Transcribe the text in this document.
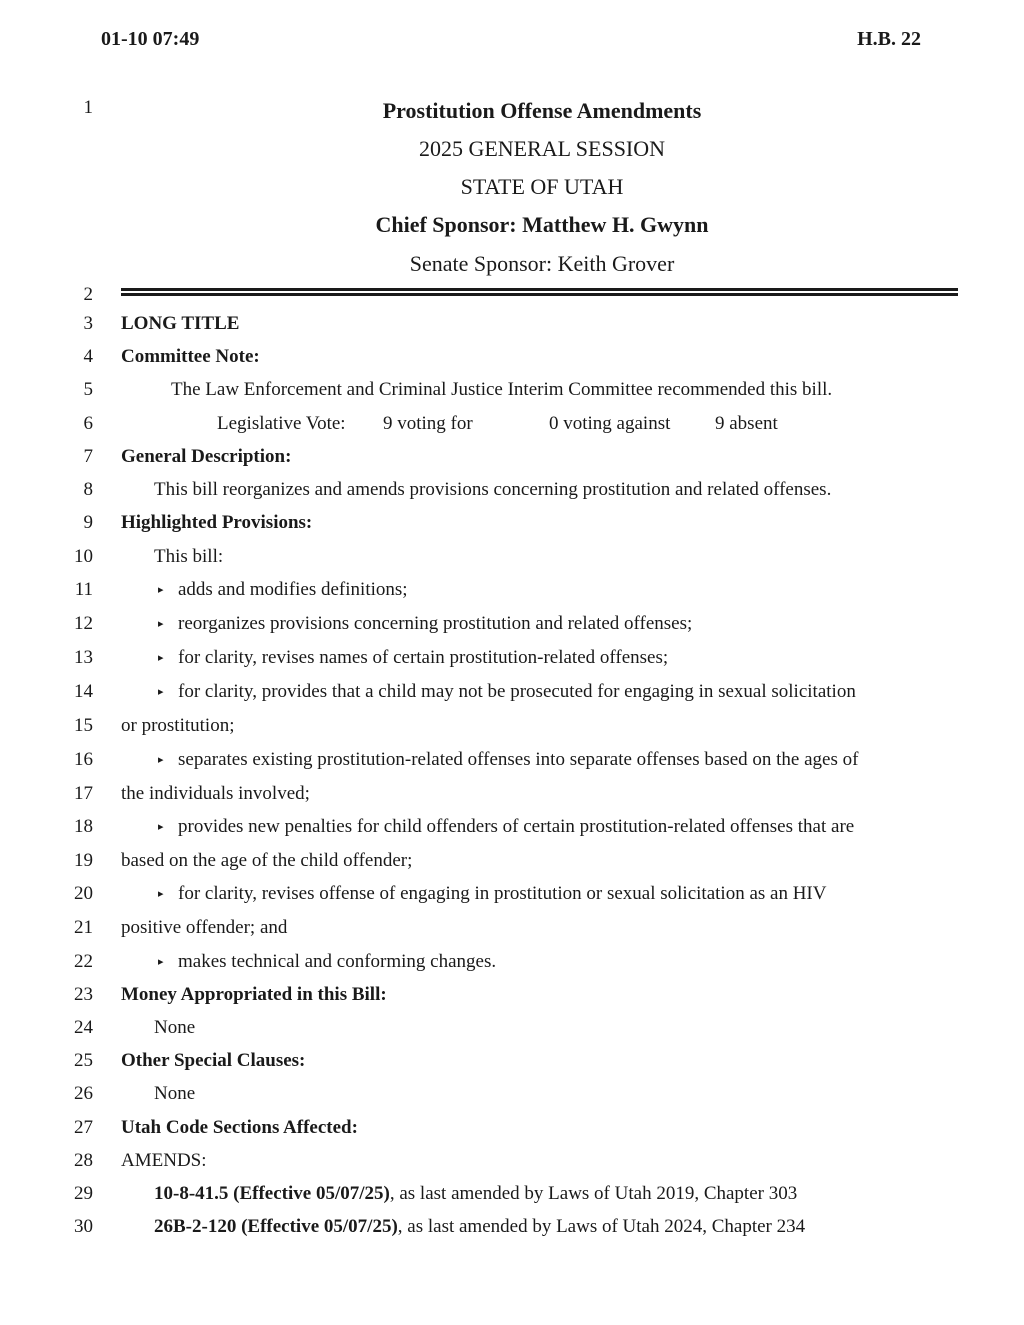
01-10 07:49	H.B. 22
1
2
3
4
5
6
7
8
9
10
11
12
13
14
15
16
17
18
19
20
21
22
23
24
25
26
27
28
29
30
Prostitution Offense Amendments
2025 GENERAL SESSION
STATE OF UTAH
Chief Sponsor: Matthew H. Gwynn
Senate Sponsor: Keith Grover
LONG TITLE
Committee Note:
The Law Enforcement and Criminal Justice Interim Committee recommended this bill.
Legislative Vote: 9 voting for	0 voting against 9 absent
General Description:
This bill reorganizes and amends provisions concerning prostitution and related offenses.
Highlighted Provisions:
This bill:
▸ adds and modifies definitions;
▸ reorganizes provisions concerning prostitution and related offenses;
▸ for clarity, revises names of certain prostitution-related offenses;
▸ for clarity, provides that a child may not be prosecuted for engaging in sexual solicitation
or prostitution;
▸ separates existing prostitution-related offenses into separate offenses based on the ages of
the individuals involved;
▸ provides new penalties for child offenders of certain prostitution-related offenses that are
based on the age of the child offender;
▸ for clarity, revises offense of engaging in prostitution or sexual solicitation as an HIV
positive offender; and
▸ makes technical and conforming changes.
Money Appropriated in this Bill:
None
Other Special Clauses:
None
Utah Code Sections Affected:
AMENDS:
10-8-41.5 (Effective 05/07/25), as last amended by Laws of Utah 2019, Chapter 303
26B-2-120 (Effective 05/07/25), as last amended by Laws of Utah 2024, Chapter 234
